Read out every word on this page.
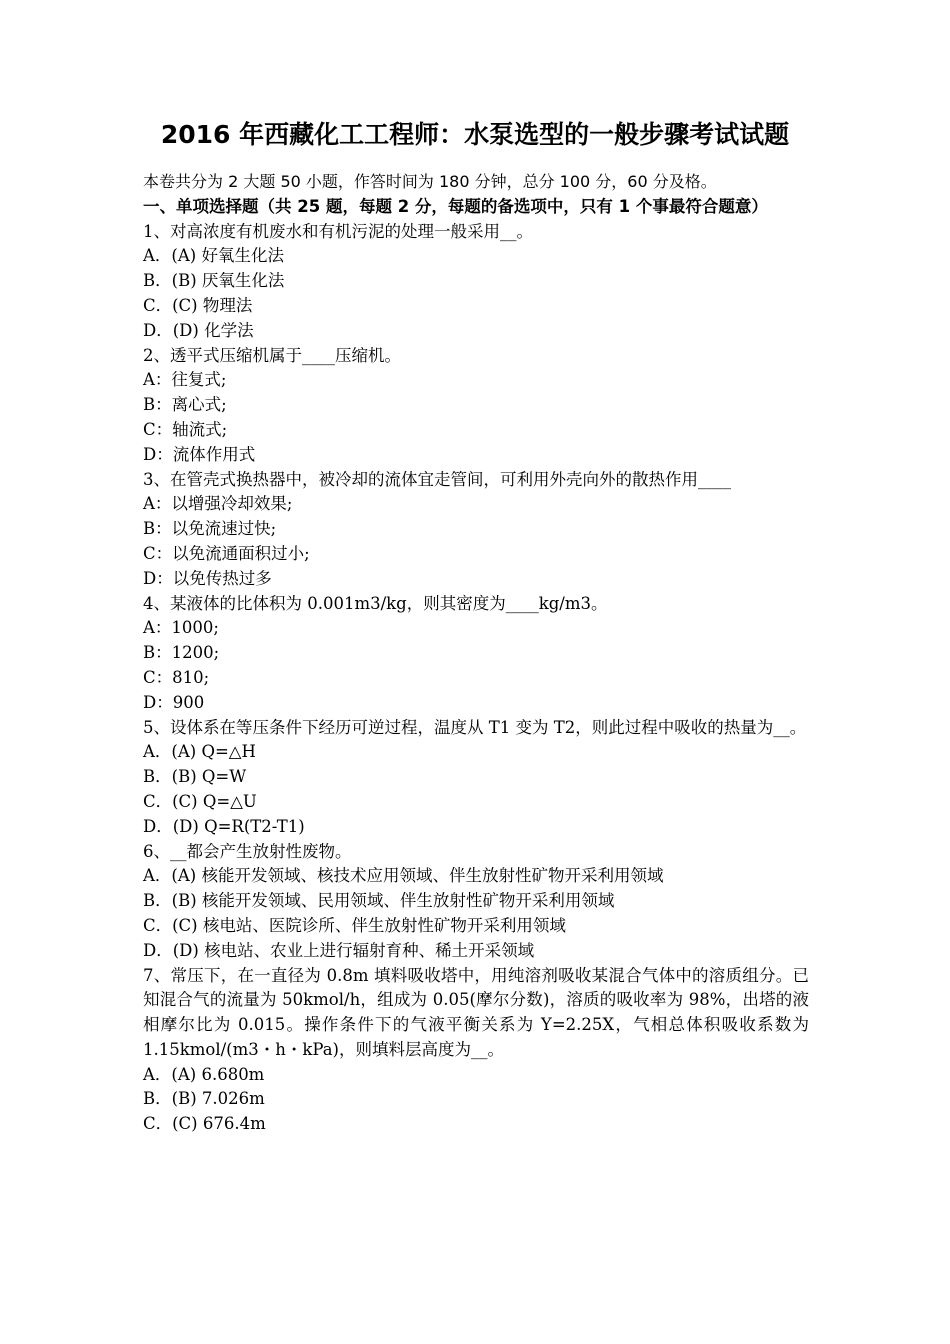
2016 年西藏化工工程师：水泵选型的一般步骤考试试题
本卷共分为 2 大题 50 小题，作答时间为 180 分钟，总分 100 分，60 分及格。
一、单项选择题（共 25 题，每题 2 分，每题的备选项中，只有 1 个事最符合题意）
1、对高浓度有机废水和有机污泥的处理一般采用__。
A．(A) 好氧生化法
B．(B) 厌氧生化法
C．(C) 物理法
D．(D) 化学法
2、透平式压缩机属于____压缩机。
A：往复式;
B：离心式;
C：轴流式;
D：流体作用式
3、在管壳式换热器中，被冷却的流体宜走管间，可利用外壳向外的散热作用____
A：以增强冷却效果;
B：以免流速过快;
C：以免流通面积过小;
D：以免传热过多
4、某液体的比体积为 0.001m3/kg，则其密度为____kg/m3。
A：1000;
B：1200;
C：810;
D：900
5、设体系在等压条件下经历可逆过程，温度从 T1 变为 T2，则此过程中吸收的热量为__。
A．(A) Q=△H
B．(B) Q=W
C．(C) Q=△U
D．(D) Q=R(T2-T1)
6、__都会产生放射性废物。
A．(A) 核能开发领域、核技术应用领域、伴生放射性矿物开采利用领域
B．(B) 核能开发领域、民用领域、伴生放射性矿物开采利用领域
C．(C) 核电站、医院诊所、伴生放射性矿物开采利用领域
D．(D) 核电站、农业上进行辐射育种、稀土开采领域
7、常压下，在一直径为 0.8m 填料吸收塔中，用纯溶剂吸收某混合气体中的溶质组分。已知混合气的流量为 50kmol/h，组成为 0.05(摩尔分数)，溶质的吸收率为 98%，出塔的液相摩尔比为 0.015。操作条件下的气液平衡关系为 Y=2.25X，气相总体积吸收系数为 1.15kmol/(m3・h・kPa)，则填料层高度为__。
A．(A) 6.680m
B．(B) 7.026m
C．(C) 676.4m
